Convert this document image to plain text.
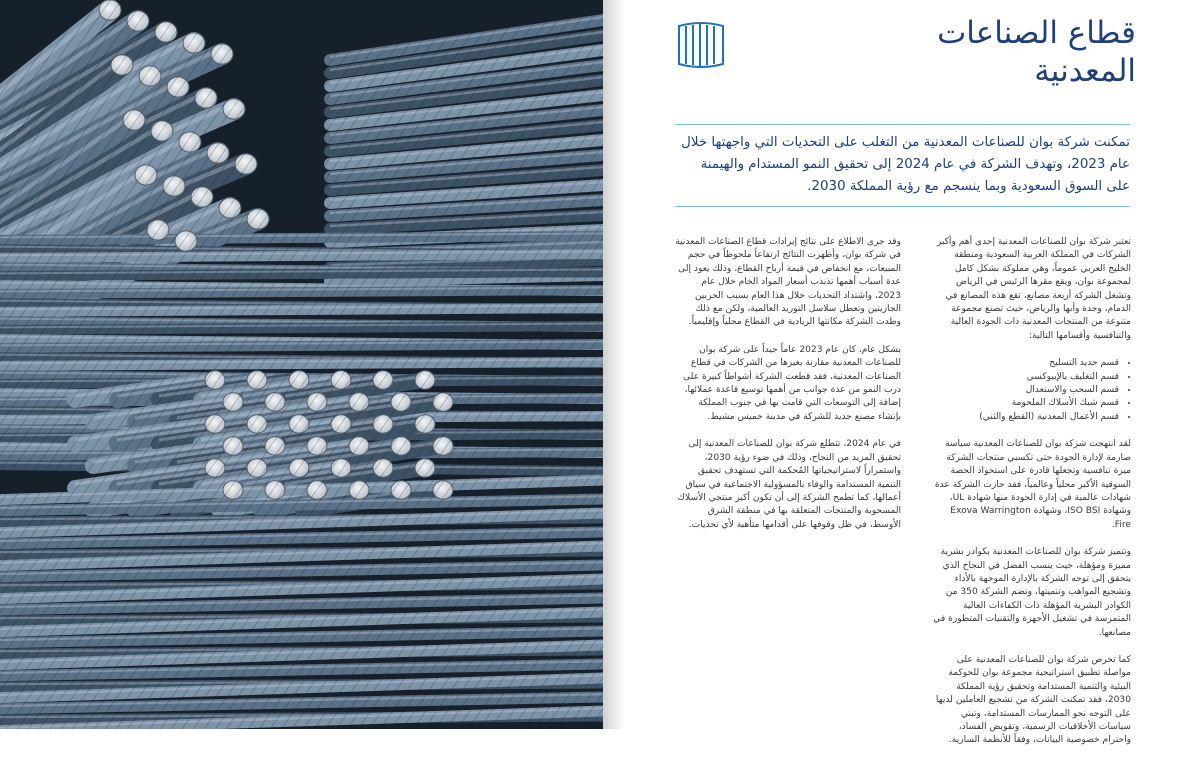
قطاع الصناعات
المعدنية

تمكنت شركة بوان للصناعات المعدنية من التغلب على التحديات التي واجهتها خلال عام 2023، وتهدف الشركة في عام 2024 إلى تحقيق النمو المستدام والهيمنة على السوق السعودية وبما ينسجم مع رؤية المملكة 2030.

تعتبر شركة بوان للصناعات المعدنية إحدى أهم وأكبر الشركات في المملكة العربية السعودية ومنطقة الخليج العربي عموماً، وهي مملوكة بشكل كامل لمجموعة بوان، ويقع مقرها الرئيس في الرياض وتشغل الشركة أربعة مصانع، تقع هذه المصانع في الدمام، وجدة وأبها والرياض، حيث تصنع مجموعة متنوعة من المنتجات المعدنية ذات الجودة العالية والتنافسية وأقسامها التالية:

• قسم حديد التسليح
• قسم التغليف بالإيبوكسي
• قسم السحب والاستعدال
• قسم شبك الأسلاك الملحومة
• قسم الأعمال المعدنية (القطع والثني)

لقد انتهجت شركة بوان للصناعات المعدنية سياسة صارمة لإدارة الجودة حتى تكسبي منتجات الشركة ميزة تنافسية وتجعلها قادرة على استحواذ الحصة السوقية الأكبر محلياً وعالمياً، فقد حازت الشركة عدة شهادات عالمية في إدارة الجودة منها شهادة UL، وشهادة ISO BSI، وشهادة Exova Warrington Fire.

وتتميز شركة بوان للصناعات المعدنية بكوادر بشرية مميزة ومؤهلة، حيث ينسب الفضل في النجاح الذي يتحقق إلى توجه الشركة بالإدارة الموجهة بالأداء وتشجيع المواهب وتنميتها، وتضم الشركة 350 من الكوادر البشرية المؤهلة ذات الكفاءات العالية المتمرسة في تشغيل الأجهزة والتقنيات المتطورة في مصانعها.

كما تحرص شركة بوان للصناعات المعدنية على مواصلة تطبيق استراتيجية مجموعة بوان للحوكمة البيئية والتنمية المستدامة وتحقيق رؤية المملكة 2030، فقد تمكنت الشركة من تشجيع العاملين لديها على التوجه نحو الممارسات المستدامة، وتبني سياسات الأخلاقيات الرسمية، وتقويض الفساد، واحترام خصوصية البيانات، وفقاً للأنظمة السارية.

وقد جرى الاطلاع على نتائج إيرادات قطاع الصناعات المعدنية في شركة بوان، وأظهرت النتائج ارتفاعاً ملحوظاً في حجم المبيعات، مع انخفاض في قيمة أرباح القطاع، وذلك يعود إلى عدة أسباب أهمها تذبذب أسعار المواد الخام خلال عام 2023، واشتداد التحديات خلال هذا العام بسبب الحربين الجاريتين وتعطل سلاسل التوريد العالمية، ولكن مع ذلك وطدت الشركة مكانتها الريادية في القطاع محلياً وإقليمياً.

بشكل عام، كان عام 2023 عاماً جيداً على شركة بوان للصناعات المعدنية مقارنة بغيرها من الشركات في قطاع الصناعات المعدنية، فقد قطعت الشركة أشواطاً كبيرة على درب النمو من عدة جوانب من أهمها توسيع قاعدة عملائها، إضافة إلى التوسعات التي قامت بها في جنوب المملكة بإنشاء مصنع جديد للشركة في مدينة خميس مشيط.

في عام 2024، تتطلع شركة بوان للصناعات المعدنية إلى تحقيق المزيد من النجاح، وذلك في ضوء رؤية 2030، واستمراراً لاستراتيجياتها المُحكمة التي تستهدف تحقيق التنمية المستدامة والوفاء بالمسؤولية الاجتماعية في سياق أعمالها، كما تطمح الشركة إلى أن تكون أكبر منتجي الأسلاك المسحوبة والمنتجات المتعلقة بها في منطقة الشرق الأوسط، في ظل وقوفها على أقدامها متأهبة لأي تحديات.
